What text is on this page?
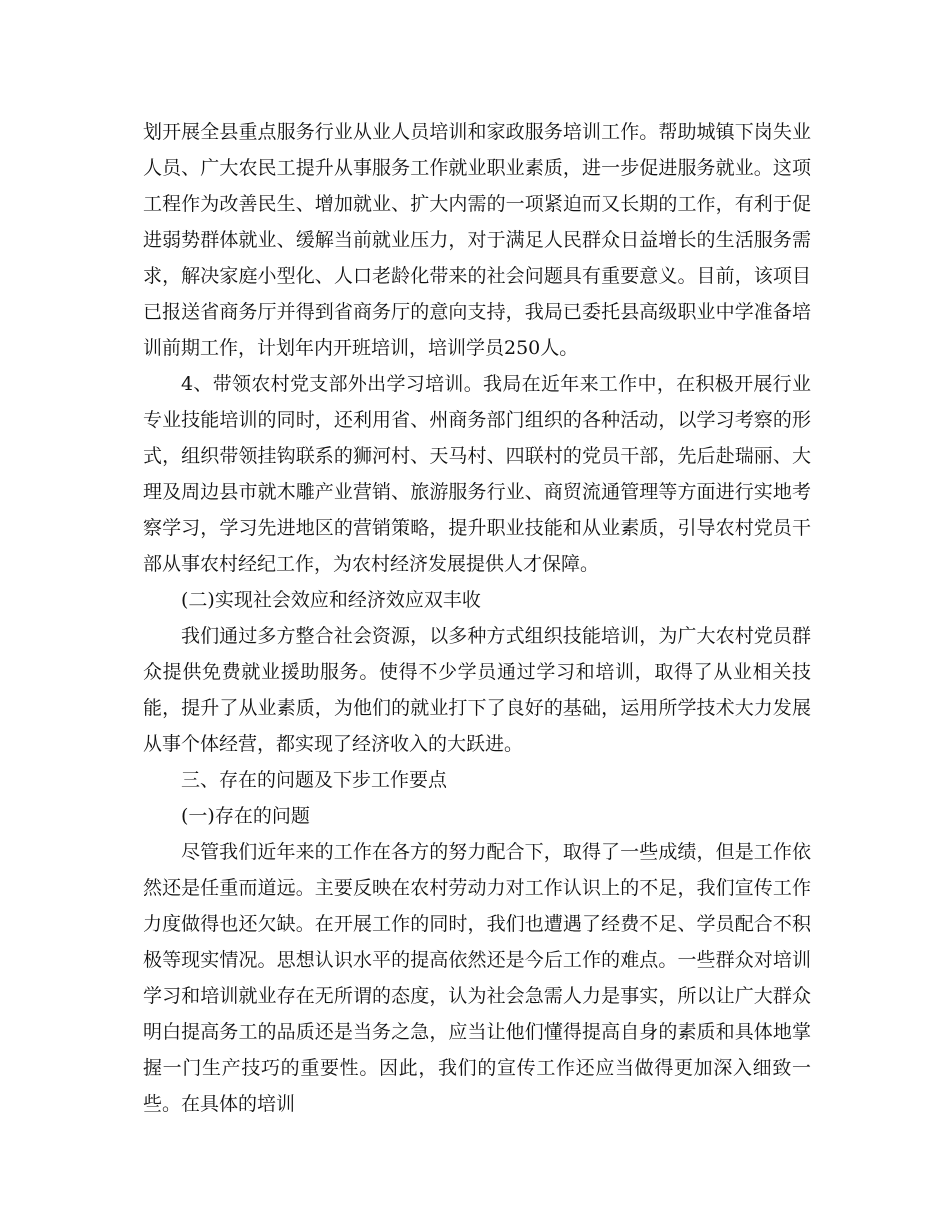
划开展全县重点服务行业从业人员培训和家政服务培训工作。帮助城镇下岗失业人员、广大农民工提升从事服务工作就业职业素质，进一步促进服务就业。这项工程作为改善民生、增加就业、扩大内需的一项紧迫而又长期的工作，有利于促进弱势群体就业、缓解当前就业压力，对于满足人民群众日益增长的生活服务需求，解决家庭小型化、人口老龄化带来的社会问题具有重要意义。目前，该项目已报送省商务厅并得到省商务厅的意向支持，我局已委托县高级职业中学准备培训前期工作，计划年内开班培训，培训学员250人。

4、带领农村党支部外出学习培训。我局在近年来工作中，在积极开展行业专业技能培训的同时，还利用省、州商务部门组织的各种活动，以学习考察的形式，组织带领挂钩联系的狮河村、天马村、四联村的党员干部，先后赴瑞丽、大理及周边县市就木雕产业营销、旅游服务行业、商贸流通管理等方面进行实地考察学习，学习先进地区的营销策略，提升职业技能和从业素质，引导农村党员干部从事农村经纪工作，为农村经济发展提供人才保障。

(二)实现社会效应和经济效应双丰收

我们通过多方整合社会资源，以多种方式组织技能培训，为广大农村党员群众提供免费就业援助服务。使得不少学员通过学习和培训，取得了从业相关技能，提升了从业素质，为他们的就业打下了良好的基础，运用所学技术大力发展从事个体经营，都实现了经济收入的大跃进。

三、存在的问题及下步工作要点

(一)存在的问题

尽管我们近年来的工作在各方的努力配合下，取得了一些成绩，但是工作依然还是任重而道远。主要反映在农村劳动力对工作认识上的不足，我们宣传工作力度做得也还欠缺。在开展工作的同时，我们也遭遇了经费不足、学员配合不积极等现实情况。思想认识水平的提高依然还是今后工作的难点。一些群众对培训学习和培训就业存在无所谓的态度，认为社会急需人力是事实，所以让广大群众明白提高务工的品质还是当务之急，应当让他们懂得提高自身的素质和具体地掌握一门生产技巧的重要性。因此，我们的宣传工作还应当做得更加深入细致一些。在具体的培训
